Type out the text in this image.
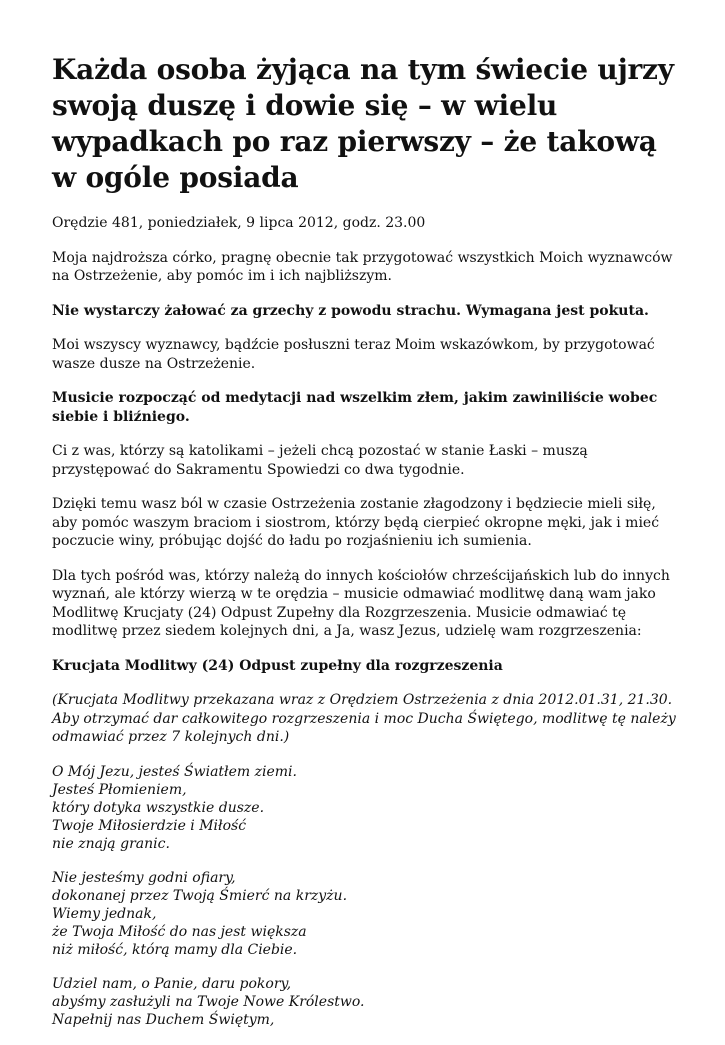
Każda osoba żyjąca na tym świecie ujrzy swoją duszę i dowie się – w wielu wypadkach po raz pierwszy – że takową w ogóle posiada

Orędzie 481, poniedziałek, 9 lipca 2012, godz. 23.00

Moja najdroższa córko, pragnę obecnie tak przygotować wszystkich Moich wyznawców na Ostrzeżenie, aby pomóc im i ich najbliższym.

Nie wystarczy żałować za grzechy z powodu strachu. Wymagana jest pokuta.

Moi wszyscy wyznawcy, bądźcie posłuszni teraz Moim wskazówkom, by przygotować wasze dusze na Ostrzeżenie.

Musicie rozpocząć od medytacji nad wszelkim złem, jakim zawiniliście wobec siebie i bliźniego.

Ci z was, którzy są katolikami – jeżeli chcą pozostać w stanie Łaski – muszą przystępować do Sakramentu Spowiedzi co dwa tygodnie.

Dzięki temu wasz ból w czasie Ostrzeżenia zostanie złagodzony i będziecie mieli siłę, aby pomóc waszym braciom i siostrom, którzy będą cierpieć okropne męki, jak i mieć poczucie winy, próbując dojść do ładu po rozjaśnieniu ich sumienia.

Dla tych pośród was, którzy należą do innych kościołów chrześcijańskich lub do innych wyznań, ale którzy wierzą w te orędzia – musicie odmawiać modlitwę daną wam jako Modlitwę Krucjaty (24) Odpust Zupełny dla Rozgrzeszenia. Musicie odmawiać tę modlitwę przez siedem kolejnych dni, a Ja, wasz Jezus, udzielę wam rozgrzeszenia:

Krucjata Modlitwy (24) Odpust zupełny dla rozgrzeszenia

(Krucjata Modlitwy przekazana wraz z Orędziem Ostrzeżenia z dnia 2012.01.31, 21.30. Aby otrzymać dar całkowitego rozgrzeszenia i moc Ducha Świętego, modlitwę tę należy odmawiać przez 7 kolejnych dni.)

O Mój Jezu, jesteś Światłem ziemi.
Jesteś Płomieniem,
który dotyka wszystkie dusze.
Twoje Miłosierdzie i Miłość
nie znają granic.
Nie jesteśmy godni ofiary,
dokonanej przez Twoją Śmierć na krzyżu.
Wiemy jednak,
że Twoja Miłość do nas jest większa
niż miłość, którą mamy dla Ciebie.
Udziel nam, o Panie, daru pokory,
abyśmy zasłużyli na Twoje Nowe Królestwo.
Napełnij nas Duchem Świętym,
